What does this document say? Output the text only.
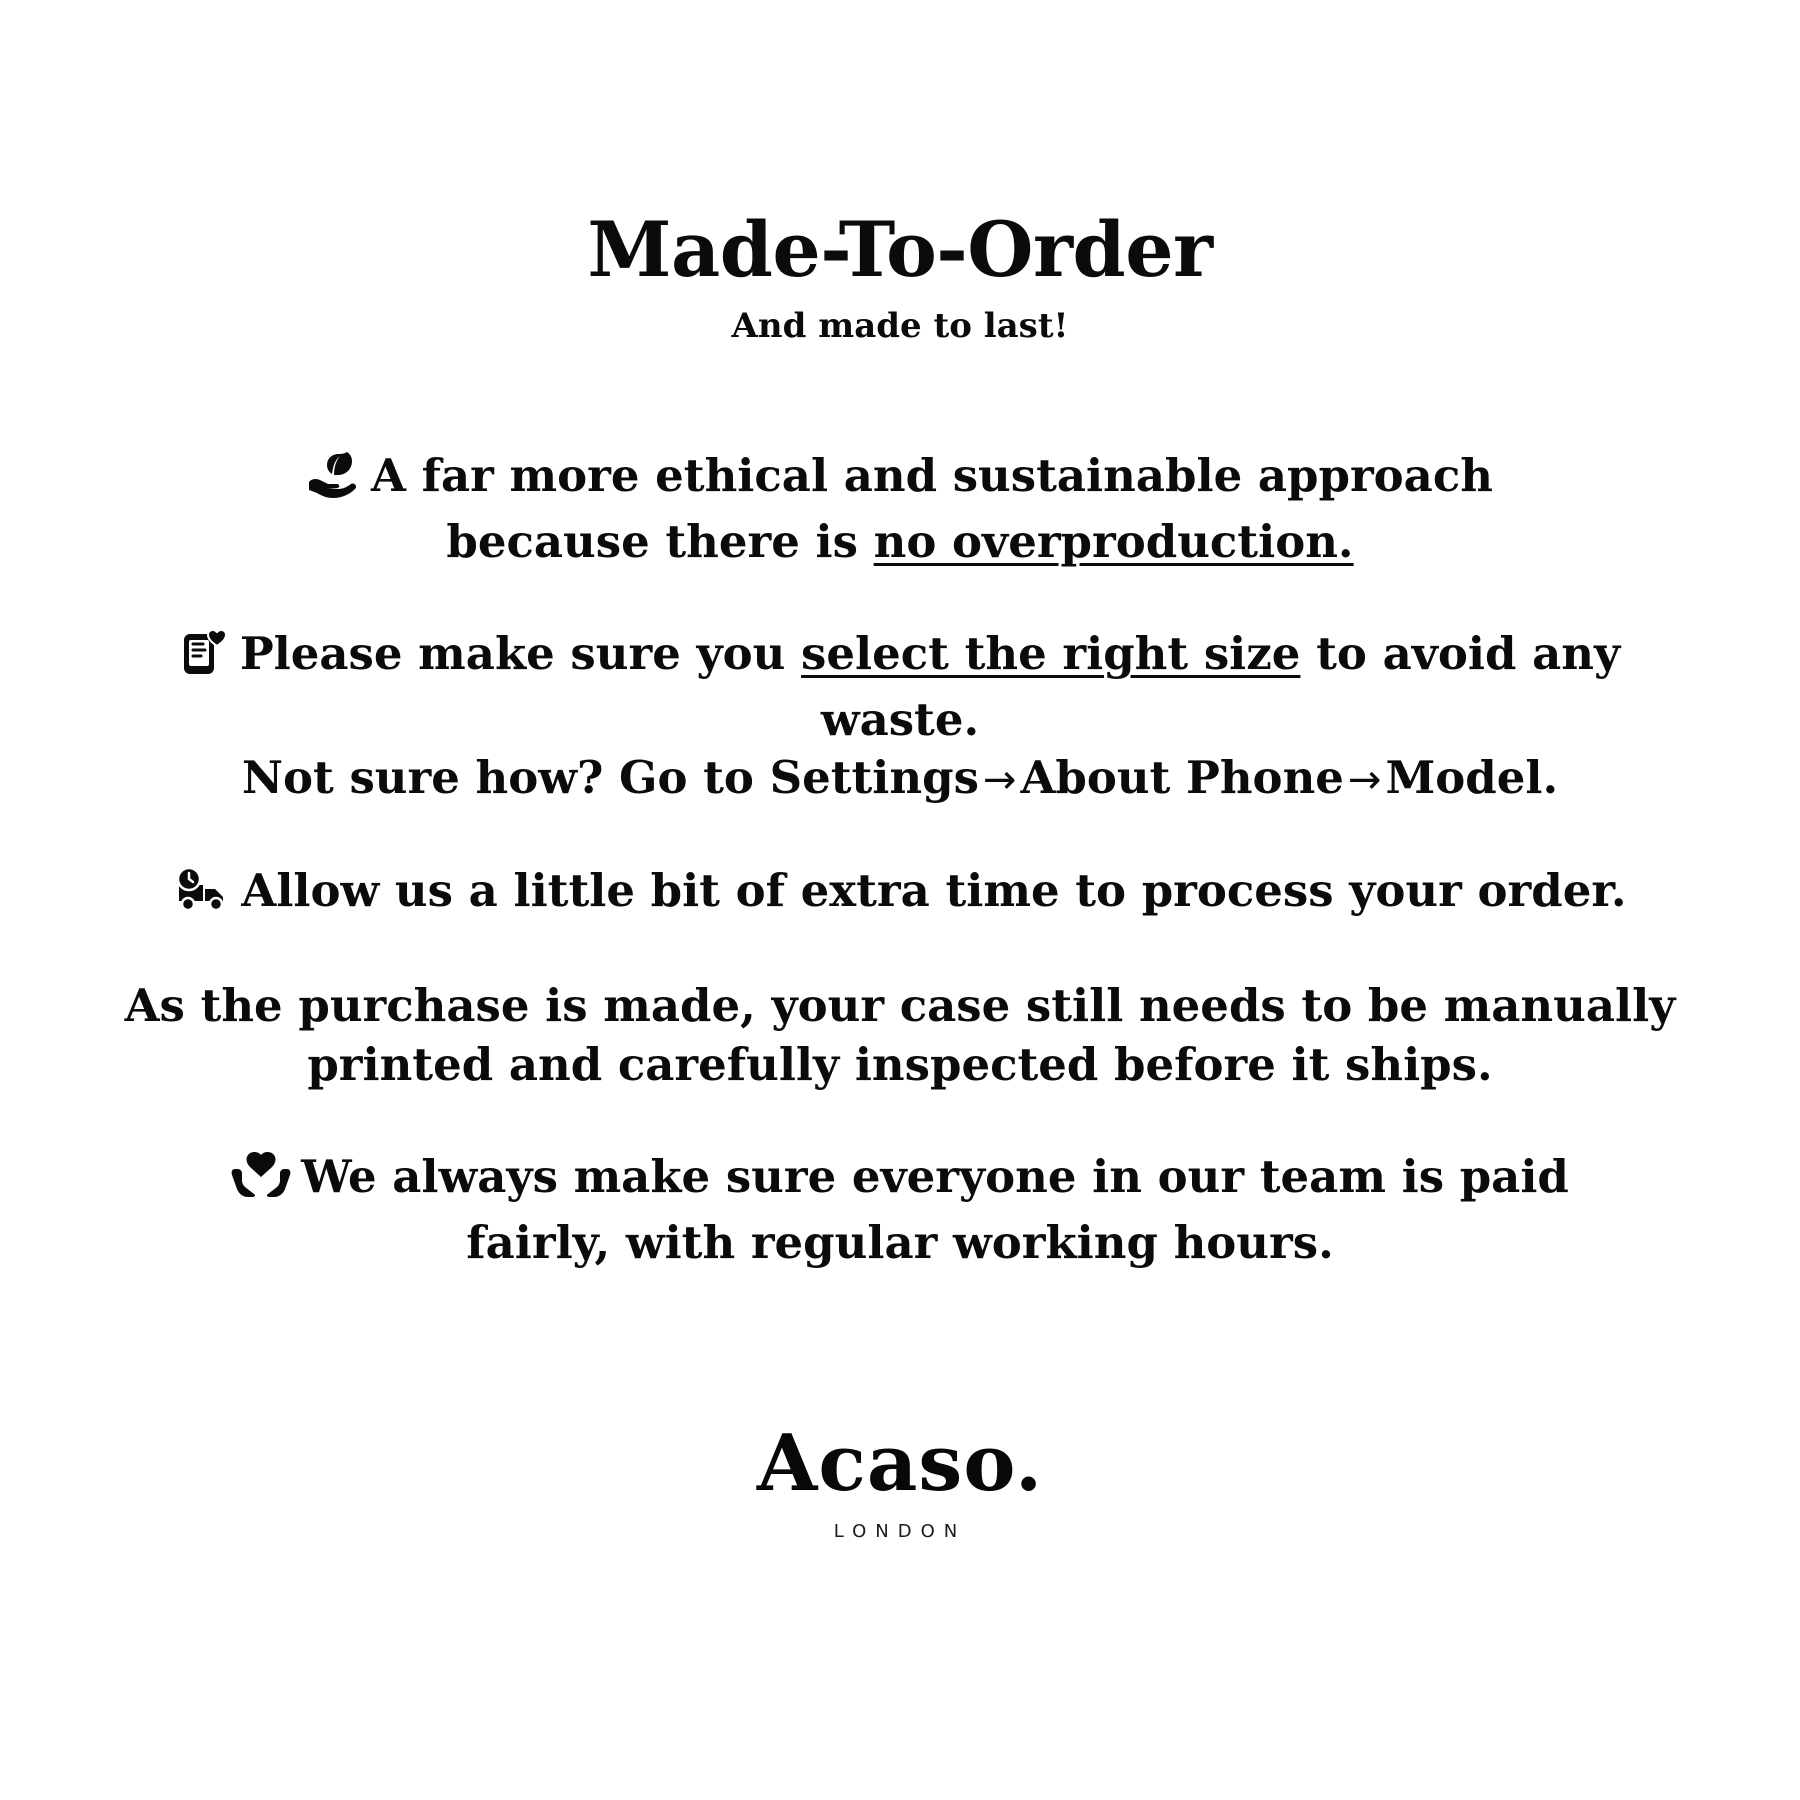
Made-To-Order
And made to last!
A far more ethical and sustainable approach
because there is no overproduction.
Please make sure you select the right size to avoid any waste.
Not sure how? Go to Settings →About Phone →Model.
Allow us a little bit of extra time to process your order.
As the purchase is made, your case still needs to be manually
printed and carefully inspected before it ships.
We always make sure everyone in our team is paid
fairly, with regular working hours.
Acaso.
LONDON
